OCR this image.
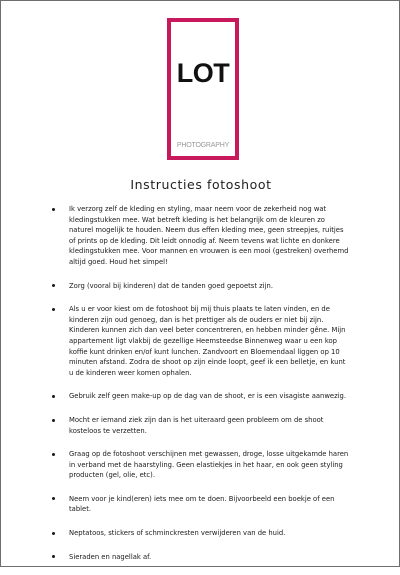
LOT
PHOTOGRAPHY
Instructies fotoshoot
Ik verzorg zelf de kleding en styling, maar neem voor de zekerheid nog wat kledingstukken mee. Wat betreft kleding is het belangrijk om de kleuren zo naturel mogelijk te houden. Neem dus effen kleding mee, geen streepjes, ruitjes of prints op de kleding. Dit leidt onnodig af. Neem tevens wat lichte en donkere kledingstukken mee. Voor mannen en vrouwen is een mooi (gestreken) overhemd altijd goed. Houd het simpel!
Zorg (vooral bij kinderen) dat de tanden goed gepoetst zijn.
Als u er voor kiest om de fotoshoot bij mij thuis plaats te laten vinden, en de kinderen zijn oud genoeg, dan is het prettiger als de ouders er niet bij zijn. Kinderen kunnen zich dan veel beter concentreren, en hebben minder gêne. Mijn appartement ligt vlakbij de gezellige Heemsteedse Binnenweg waar u een kop koffie kunt drinken en/of kunt lunchen. Zandvoort en Bloemendaal liggen op 10 minuten afstand. Zodra de shoot op zijn einde loopt, geef ik een belletje, en kunt u de kinderen weer komen ophalen.
Gebruik zelf geen make-up op de dag van de shoot, er is een visagiste aanwezig.
Mocht er iemand ziek zijn dan is het uiteraard geen probleem om de shoot kosteloos te verzetten.
Graag op de fotoshoot verschijnen met gewassen, droge, losse uitgekamde haren in verband met de haarstyling. Geen elastiekjes in het haar, en ook geen styling producten (gel, olie, etc).
Neem voor je kind(eren) iets mee om te doen. Bijvoorbeeld een boekje of een tablet.
Neptatoos, stickers of schminckresten verwijderen van de huid.
Sieraden en nagellak af.
